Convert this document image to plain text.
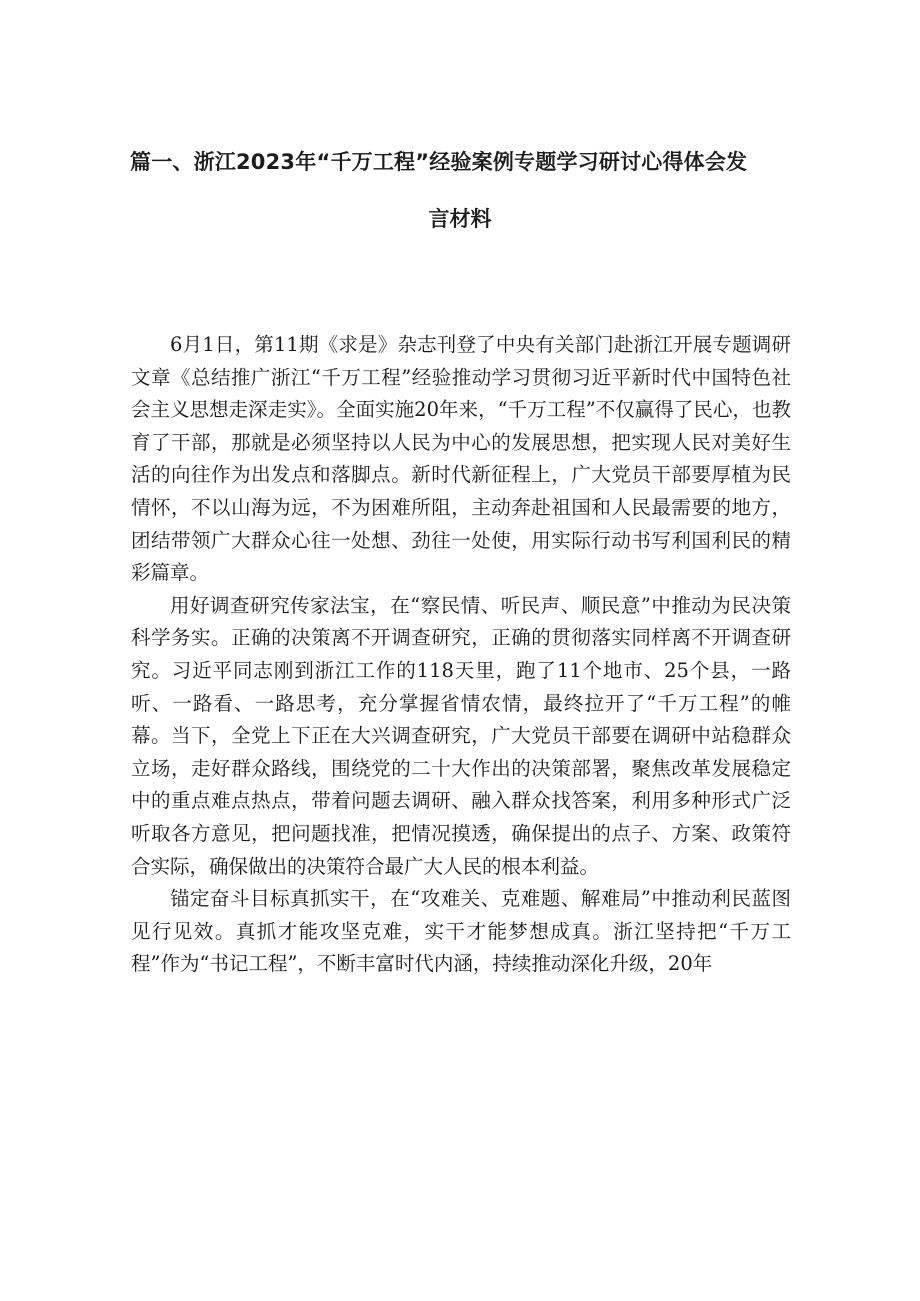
篇一、浙江2023年“千万工程”经验案例专题学习研讨心得体会发
言材料

6月1日，第11期《求是》杂志刊登了中央有关部门赴浙江开展专题调研文章《总结推广浙江“千万工程”经验推动学习贯彻习近平新时代中国特色社会主义思想走深走实》。全面实施20年来，“千万工程”不仅赢得了民心，也教育了干部，那就是必须坚持以人民为中心的发展思想，把实现人民对美好生活的向往作为出发点和落脚点。新时代新征程上，广大党员干部要厚植为民情怀，不以山海为远，不为困难所阻，主动奔赴祖国和人民最需要的地方，团结带领广大群众心往一处想、劲往一处使，用实际行动书写利国利民的精彩篇章。

用好调查研究传家法宝，在“察民情、听民声、顺民意”中推动为民决策科学务实。正确的决策离不开调查研究，正确的贯彻落实同样离不开调查研究。习近平同志刚到浙江工作的118天里，跑了11个地市、25个县，一路听、一路看、一路思考，充分掌握省情农情，最终拉开了“千万工程”的帷幕。当下，全党上下正在大兴调查研究，广大党员干部要在调研中站稳群众立场，走好群众路线，围绕党的二十大作出的决策部署，聚焦改革发展稳定中的重点难点热点，带着问题去调研、融入群众找答案，利用多种形式广泛听取各方意见，把问题找准，把情况摸透，确保提出的点子、方案、政策符合实际，确保做出的决策符合最广大人民的根本利益。

锚定奋斗目标真抓实干，在“攻难关、克难题、解难局”中推动利民蓝图见行见效。真抓才能攻坚克难，实干才能梦想成真。浙江坚持把“千万工程”作为“书记工程”，不断丰富时代内涵，持续推动深化升级，20年
